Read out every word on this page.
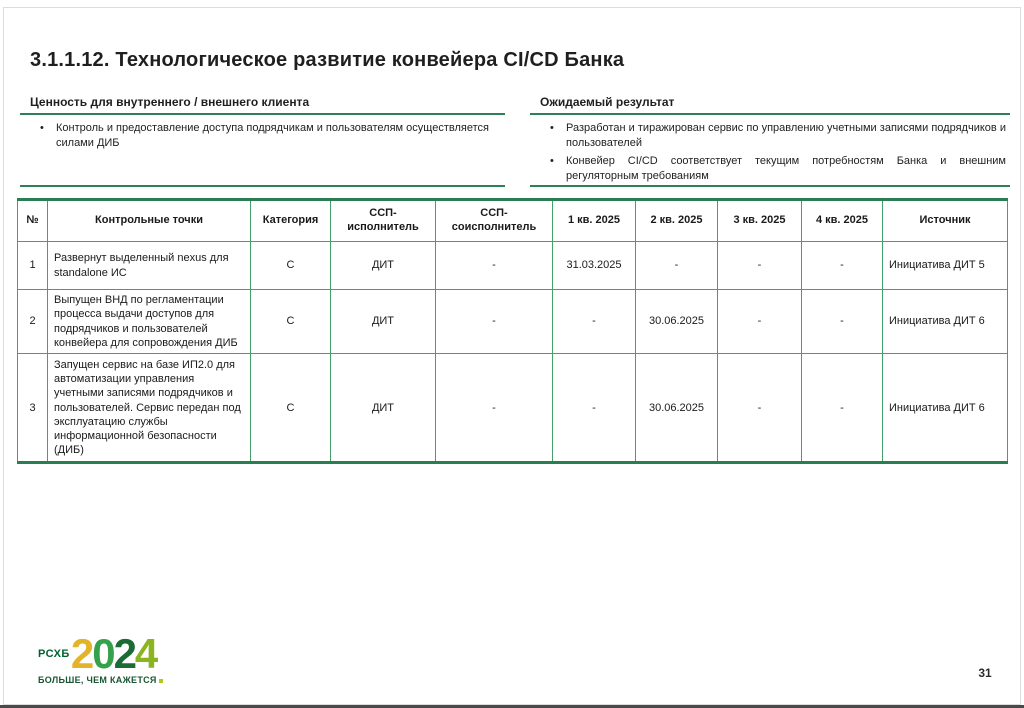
3.1.1.12. Технологическое развитие конвейера CI/CD Банка
Ценность для внутреннего / внешнего клиента
• Контроль и предоставление доступа подрядчикам и пользователям осуществляется силами ДИБ
Ожидаемый результат
• Разработан и тиражирован сервис по управлению учетными записями подрядчиков и пользователей
• Конвейер CI/CD соответствует текущим потребностям Банка и внешним регуляторным требованиям
№	Контрольные точки	Категория	ССП-исполнитель	ССП-соисполнитель	1 кв. 2025	2 кв. 2025	3 кв. 2025	4 кв. 2025	Источник
1	Развернут выделенный nexus для standalone ИС	С	ДИТ	-	31.03.2025	-	-	-	Инициатива ДИТ 5
2	Выпущен ВНД по регламентации процесса выдачи доступов для подрядчиков и пользователей конвейера для сопровождения ДИБ	С	ДИТ	-	-	30.06.2025	-	-	Инициатива ДИТ 6
3	Запущен сервис на базе ИП2.0 для автоматизации управления учетными записями подрядчиков и пользователей. Сервис передан под эксплуатацию службы информационной безопасности (ДИБ)	С	ДИТ	-	-	30.06.2025	-	-	Инициатива ДИТ 6
РСХБ 2024
БОЛЬШЕ, ЧЕМ КАЖЕТСЯ	31
